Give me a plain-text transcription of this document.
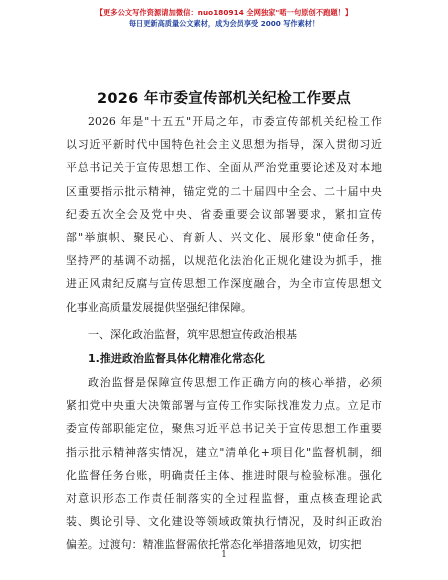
【更多公文写作资源请加微信：nuo180914 全网独家"喏一句原创不跑题！】
每日更新高质量公文素材，成为会员享受 2000 写作素材！
2026 年市委宣传部机关纪检工作要点
2026 年是"十五五"开局之年，市委宣传部机关纪检工作
以习近平新时代中国特色社会主义思想为指导，深入贯彻习近
平总书记关于宣传思想工作、全面从严治党重要论述及对本地
区重要指示批示精神，锚定党的二十届四中全会、二十届中央
纪委五次全会及党中央、省委重要会议部署要求，紧扣宣传
部"举旗帜、聚民心、育新人、兴文化、展形象"使命任务，
坚持严的基调不动摇，以规范化法治化正规化建设为抓手，推
进正风肃纪反腐与宣传思想工作深度融合，为全市宣传思想文
化事业高质量发展提供坚强纪律保障。
一、深化政治监督，筑牢思想宣传政治根基
1.推进政治监督具体化精准化常态化
政治监督是保障宣传思想工作正确方向的核心举措，必须
紧扣党中央重大决策部署与宣传工作实际找准发力点。立足市
委宣传部职能定位，聚焦习近平总书记关于宣传思想工作重要
指示批示精神落实情况，建立"清单化+项目化"监督机制，细
化监督任务台账，明确责任主体、推进时限与检验标准。强化
对意识形态工作责任制落实的全过程监督，重点核查理论武
装、舆论引导、文化建设等领域政策执行情况，及时纠正政治
偏差。过渡句：精准监督需依托常态化举措落地见效，切实把
1
